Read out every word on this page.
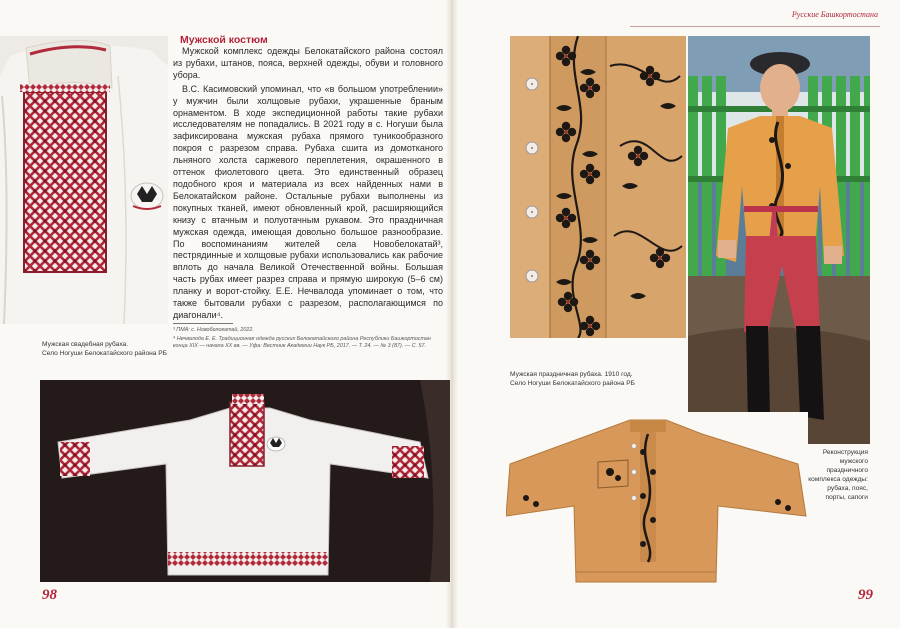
Мужская свадебная рубаха.
Село Ногуши Белокатайского района РБ
Мужской костюм

Мужской комплекс одежды Белокатайского района состоял из рубахи, штанов, пояса, верхней одежды, обуви и головного убора.

В.С. Касимовский упоминал, что «в большом употреблении» у мужчин были холщовые рубахи, украшенные браным орнаментом. В ходе экспедиционной работы такие рубахи исследователям не попадались. В 2021 году в с. Ногуши была зафиксирована мужская рубаха прямого туникообразного покроя с разрезом справа. Рубаха сшита из домотканого льняного холста саржевого переплетения, окрашенного в оттенок фиолетового цвета. Это единственный образец подобного кроя и материала из всех найденных нами в Белокатайском районе. Остальные рубахи выполнены из покупных тканей, имеют обновленный крой, расширяющийся книзу с втачным и полуотачным рукавом. Это праздничная мужская одежда, имеющая довольно большое разнообразие. По воспоминаниям жителей села Новобелокатай³, пестрядинные и холщовые рубахи использовались как рабочие вплоть до начала Великой Отечественной войны. Большая часть рубах имеет разрез справа и прямую широкую (5–6 см) планку и ворот-стойку. Е.Е. Нечвалода упоминает о том, что также бытовали рубахи с разрезом, располагающимся по диагонали⁴.

³ ПМА: с. Новобелокатай, 2022.

⁴ Нечвалода Е. Е. Традиционная одежда русских Белокатайского района Республики Башкортостан конца XIX — начала XX вв. — Уфа: Вестник Академии Наук РБ, 2017. — Т. 24. — № 3 (87). — С. 57.

98
Русские Башкортостана
Мужская праздничная рубаха. 1910 год.
Село Ногуши Белокатайского района РБ
Реконструкция
мужского
праздничного
комплекса одежды:
рубаха, пояс,
порты, сапоги
99
